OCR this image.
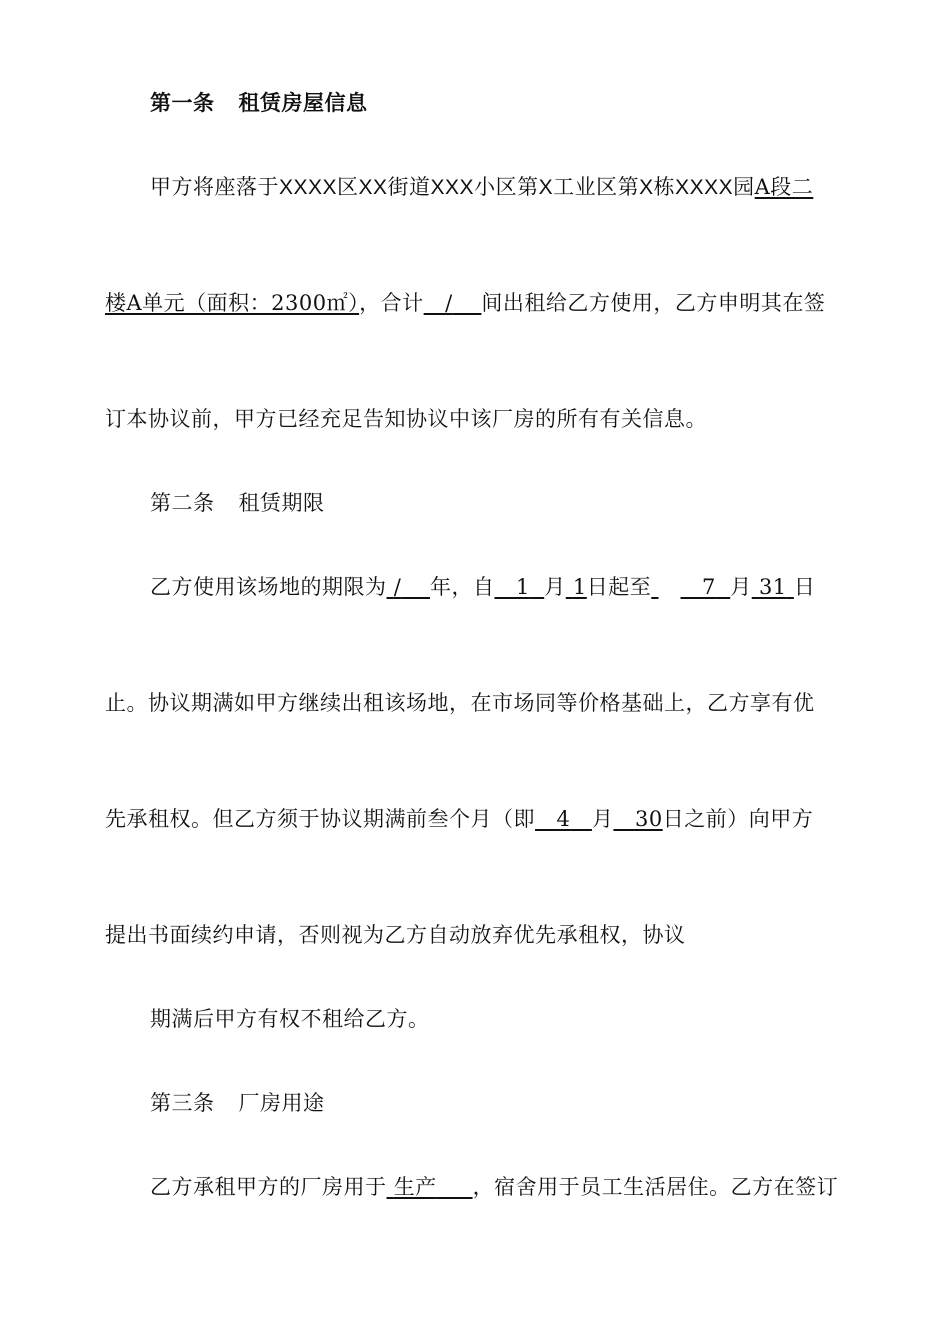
第一条 租赁房屋信息
甲方将座落于XXXX区XX街道XXX小区第X工业区第X栋XXXX园A段二
楼A单元（面积：2300㎡），合计 / 间出租给乙方使用，乙方申明其在签
订本协议前，甲方已经充足告知协议中该厂房的所有有关信息。
第二条 租赁期限
乙方使用该场地的期限为 / 年，自 1 月 1日起至 7 月 31 日
止。协议期满如甲方继续出租该场地，在市场同等价格基础上，乙方享有优
先承租权。但乙方须于协议期满前叁个月（即 4 月 30日之前）向甲方
提出书面续约申请，否则视为乙方自动放弃优先承租权，协议
期满后甲方有权不租给乙方。
第三条 厂房用途
乙方承租甲方的厂房用于 生产 ，宿舍用于员工生活居住。乙方在签订
